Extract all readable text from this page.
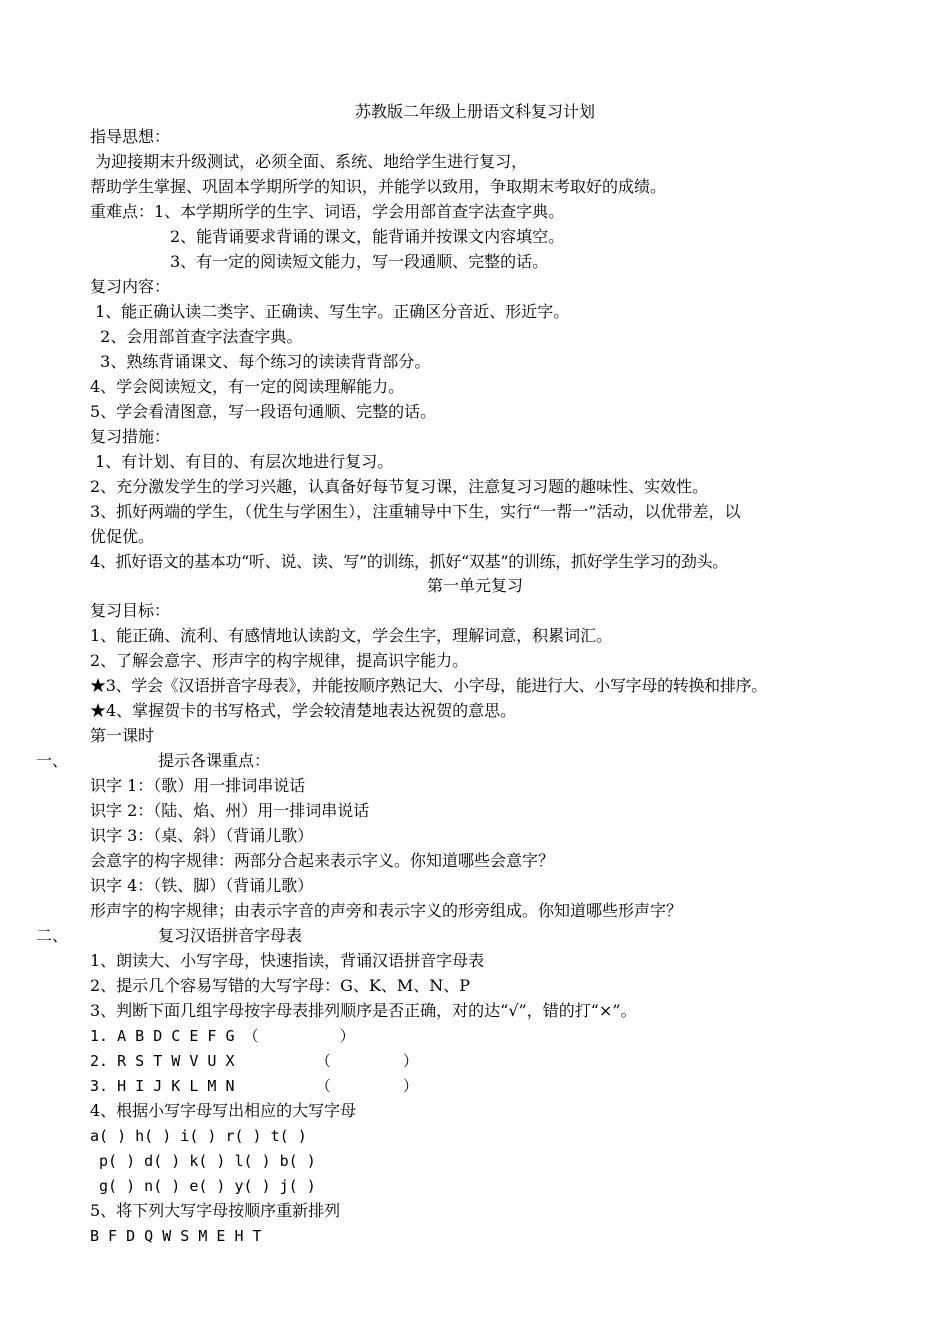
苏教版二年级上册语文科复习计划

指导思想：

为迎接期末升级测试，必须全面、系统、地给学生进行复习，

帮助学生掌握、巩固本学期所学的知识，并能学以致用，争取期末考取好的成绩。

重难点：1、本学期所学的生字、词语，学会用部首查字法查字典。

2、能背诵要求背诵的课文，能背诵并按课文内容填空。

3、有一定的阅读短文能力，写一段通顺、完整的话。

复习内容：

1、能正确认读二类字、正确读、写生字。正确区分音近、形近字。

2、会用部首查字法查字典。

3、熟练背诵课文、每个练习的读读背背部分。

4、学会阅读短文，有一定的阅读理解能力。

5、学会看清图意，写一段语句通顺、完整的话。

复习措施：

1、有计划、有目的、有层次地进行复习。

2、充分激发学生的学习兴趣，认真备好每节复习课，注意复习习题的趣味性、实效性。

3、抓好两端的学生，（优生与学困生），注重辅导中下生，实行“一帮一”活动，以优带差，以

优促优。

4、抓好语文的基本功“听、说、读、写”的训练，抓好“双基”的训练，抓好学生学习的劲头。

第一单元复习

复习目标：

1、能正确、流利、有感情地认读韵文，学会生字，理解词意，积累词汇。

2、了解会意字、形声字的构字规律，提高识字能力。

★3、学会《汉语拼音字母表》，并能按顺序熟记大、小字母，能进行大、小写字母的转换和排序。

★4、掌握贺卡的书写格式，学会较清楚地表达祝贺的意思。

第一课时

一、	提示各课重点：

识字 1：（歌）用一排词串说话

识字 2：（陆、焰、州）用一排词串说话

识字 3：（桌、斜）（背诵儿歌）

会意字的构字规律：两部分合起来表示字义。你知道哪些会意字？

识字 4：（铁、脚）（背诵儿歌）

形声字的构字规律；由表示字音的声旁和表示字义的形旁组成。你知道哪些形声字？

二、	复习汉语拼音字母表

1、朗读大、小写字母，快速指读，背诵汉语拼音字母表

2、提示几个容易写错的大写字母：G、K、M、N、P

3、判断下面几组字母按字母表排列顺序是否正确，对的达“√”，错的打“×”。

1. A B D C E F G （         ）

2. R S T W V U X         （        ）

3. H I J K L M N         （        ）

4、根据小写字母写出相应的大写字母

a( ) h( ) i( ) r( ) t( )

p( ) d( ) k( ) l( ) b( )

g( ) n( ) e( ) y( ) j( )

5、将下列大写字母按顺序重新排列

B F D Q W S M E H T
